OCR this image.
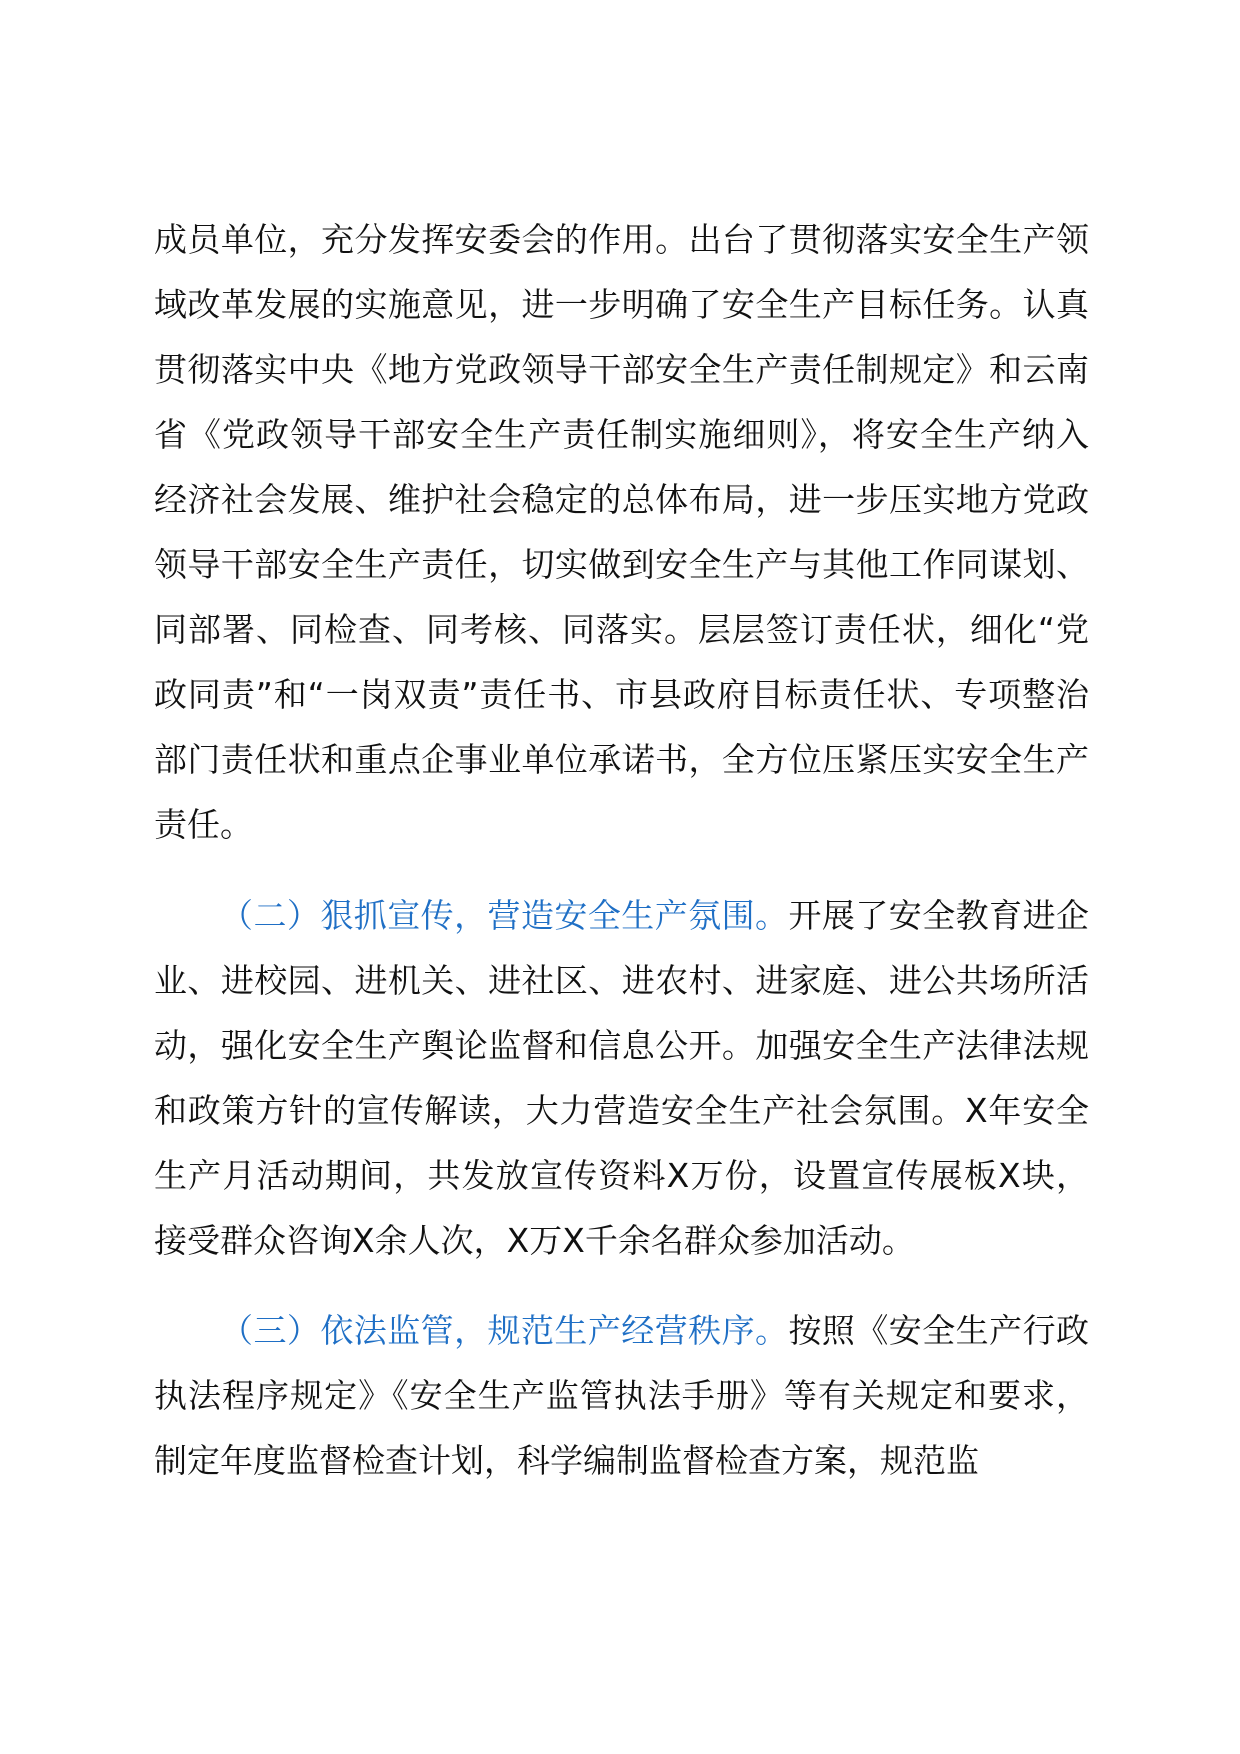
成员单位，充分发挥安委会的作用。出台了贯彻落实安全生产领域改革发展的实施意见，进一步明确了安全生产目标任务。认真贯彻落实中央《地方党政领导干部安全生产责任制规定》和云南省《党政领导干部安全生产责任制实施细则》，将安全生产纳入经济社会发展、维护社会稳定的总体布局，进一步压实地方党政领导干部安全生产责任，切实做到安全生产与其他工作同谋划、同部署、同检查、同考核、同落实。层层签订责任状，细化“党政同责”和“一岗双责”责任书、市县政府目标责任状、专项整治部门责任状和重点企事业单位承诺书，全方位压紧压实安全生产责任。

（二）狠抓宣传，营造安全生产氛围。开展了安全教育进企业、进校园、进机关、进社区、进农村、进家庭、进公共场所活动，强化安全生产舆论监督和信息公开。加强安全生产法律法规和政策方针的宣传解读，大力营造安全生产社会氛围。X年安全生产月活动期间，共发放宣传资料X万份，设置宣传展板X块，接受群众咨询X余人次，X万X千余名群众参加活动。

（三）依法监管，规范生产经营秩序。按照《安全生产行政执法程序规定》《安全生产监管执法手册》等有关规定和要求，制定年度监督检查计划，科学编制监督检查方案，规范监
